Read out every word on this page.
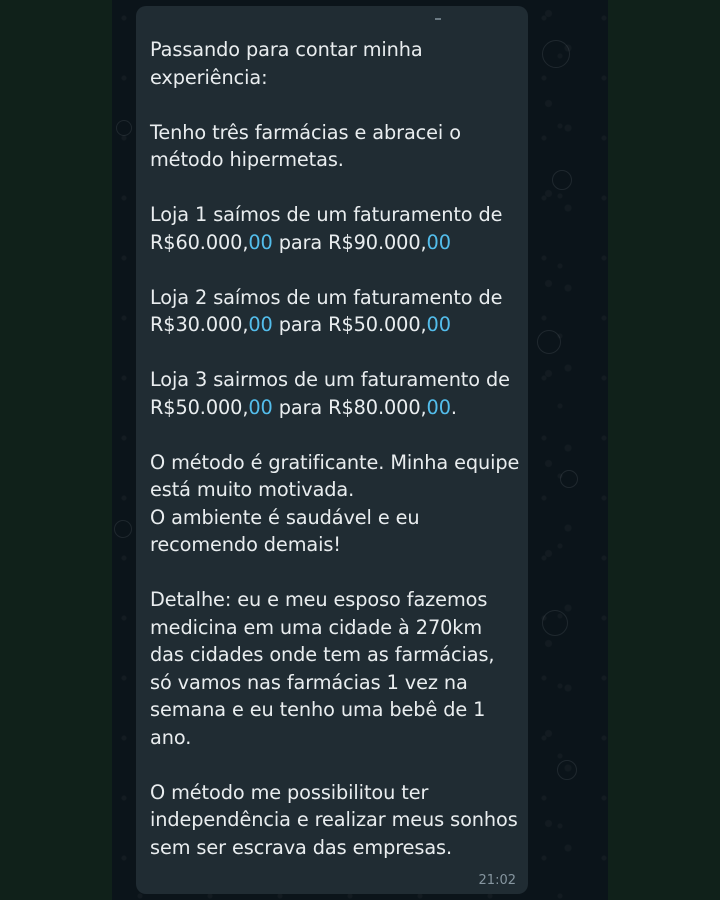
Passando para contar minha experiência:

Tenho três farmácias e abracei o método hipermetas.

Loja 1 saímos de um faturamento de R$60.000,00 para R$90.000,00

Loja 2 saímos de um faturamento de R$30.000,00 para R$50.000,00

Loja 3 sairmos de um faturamento de R$50.000,00 para R$80.000,00.

O método é gratificante. Minha equipe está muito motivada.
O ambiente é saudável e eu recomendo demais!

Detalhe: eu e meu esposo fazemos medicina em uma cidade à 270km das cidades onde tem as farmácias, só vamos nas farmácias 1 vez na semana e eu tenho uma bebê de 1 ano.

O método me possibilitou ter independência e realizar meus sonhos sem ser escrava das empresas.

21:02
